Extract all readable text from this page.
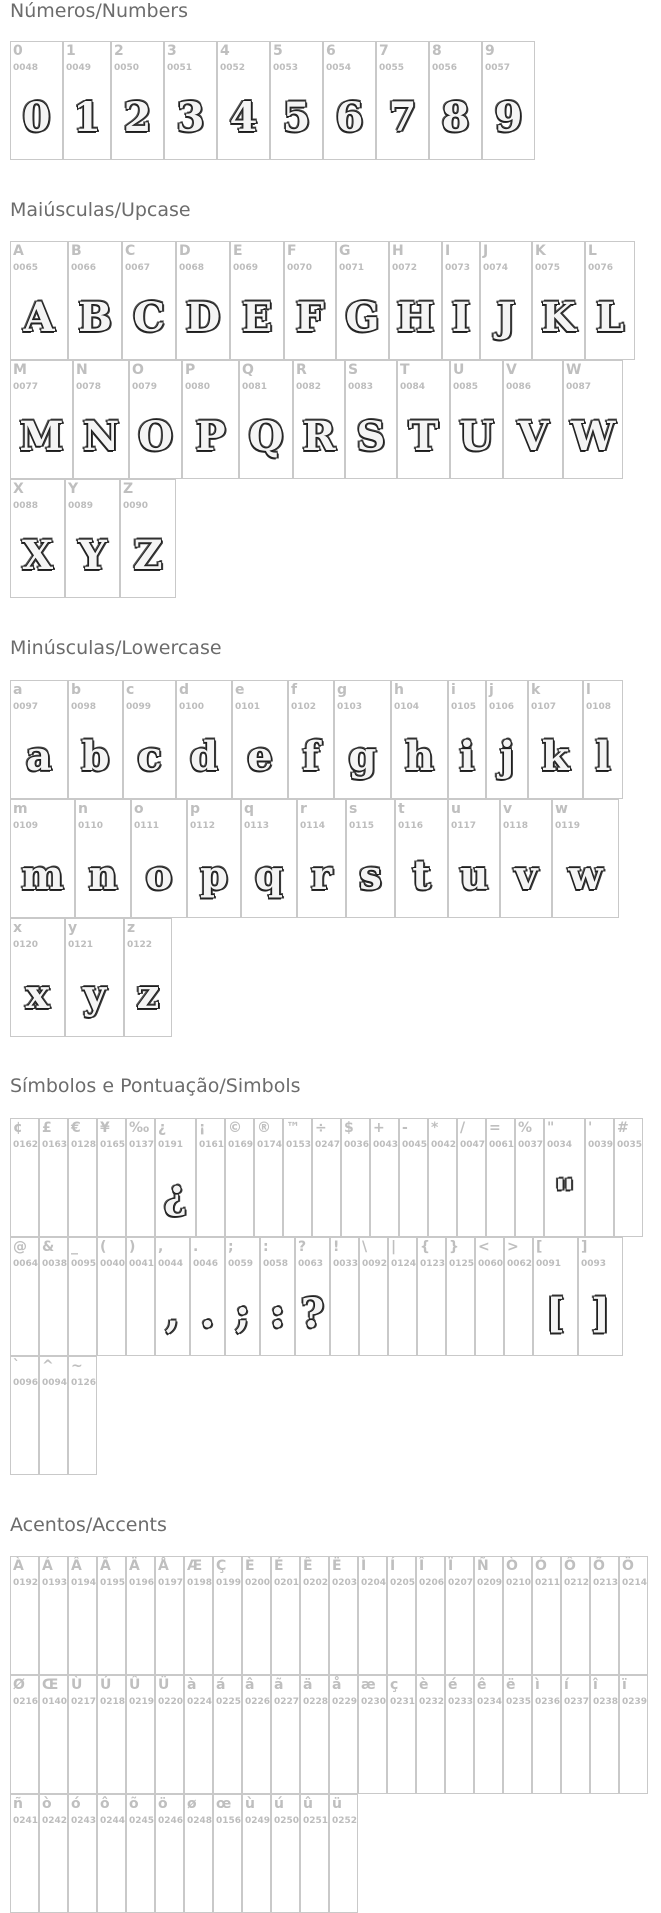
Números/Numbers
0
0048
0
1
0049
1
2
0050
2
3
0051
3
4
0052
4
5
0053
5
6
0054
6
7
0055
7
8
0056
8
9
0057
9
Maiúsculas/Upcase
A
0065
A
B
0066
B
C
0067
C
D
0068
D
E
0069
E
F
0070
F
G
0071
G
H
0072
H
I
0073
I
J
0074
J
K
0075
K
L
0076
L
M
0077
M
N
0078
N
O
0079
O
P
0080
P
Q
0081
Q
R
0082
R
S
0083
S
T
0084
T
U
0085
U
V
0086
V
W
0087
W
X
0088
X
Y
0089
Y
Z
0090
Z
Minúsculas/Lowercase
a
0097
a
b
0098
b
c
0099
c
d
0100
d
e
0101
e
f
0102
f
g
0103
g
h
0104
h
i
0105
i
j
0106
j
k
0107
k
l
0108
l
m
0109
m
n
0110
n
o
0111
o
p
0112
p
q
0113
q
r
0114
r
s
0115
s
t
0116
t
u
0117
u
v
0118
v
w
0119
w
x
0120
x
y
0121
y
z
0122
z
Símbolos e Pontuação/Simbols
¢
0162
£
0163
€
0128
¥
0165
‰
0137
¿
0191
¿
¡
0161
©
0169
®
0174
™
0153
÷
0247
$
0036
+
0043
-
0045
*
0042
/
0047
=
0061
%
0037
"
0034
"
'
0039
#
0035
@
0064
&
0038
_
0095
(
0040
)
0041
,
0044
,
.
0046
.
;
0059
;
:
0058
:
?
0063
?
!
0033
\
0092
|
0124
{
0123
}
0125
<
0060
>
0062
[
0091
[
]
0093
]
`
0096
^
0094
~
0126
Acentos/Accents
À
0192
Á
0193
Â
0194
Ã
0195
Ä
0196
Å
0197
Æ
0198
Ç
0199
È
0200
É
0201
Ê
0202
Ë
0203
Ì
0204
Í
0205
Î
0206
Ï
0207
Ñ
0209
Ò
0210
Ó
0211
Ô
0212
Õ
0213
Ö
0214
Ø
0216
Œ
0140
Ù
0217
Ú
0218
Û
0219
Ü
0220
à
0224
á
0225
â
0226
ã
0227
ä
0228
å
0229
æ
0230
ç
0231
è
0232
é
0233
ê
0234
ë
0235
ì
0236
í
0237
î
0238
ï
0239
ñ
0241
ò
0242
ó
0243
ô
0244
õ
0245
ö
0246
ø
0248
œ
0156
ù
0249
ú
0250
û
0251
ü
0252
